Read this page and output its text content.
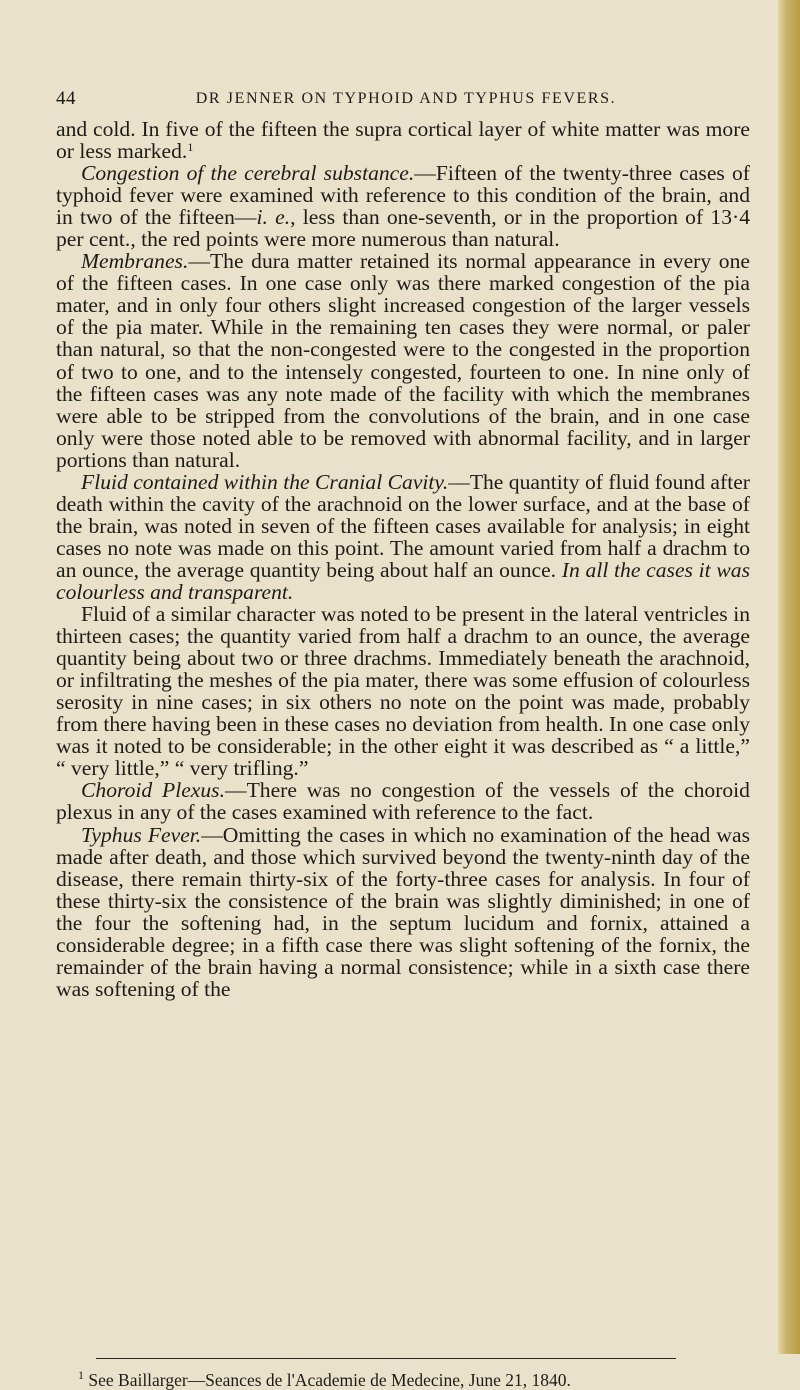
44	DR JENNER ON TYPHOID AND TYPHUS FEVERS.

and cold. In five of the fifteen the supra cortical layer of white matter was more or less marked.$^1$

Congestion of the cerebral substance.—Fifteen of the twenty-three cases of typhoid fever were examined with reference to this condition of the brain, and in two of the fifteen—i. e., less than one-seventh, or in the proportion of 13·4 per cent., the red points were more numerous than natural.

Membranes.—The dura matter retained its normal appearance in every one of the fifteen cases. In one case only was there marked congestion of the pia mater, and in only four others slight increased congestion of the larger vessels of the pia mater. While in the remaining ten cases they were normal, or paler than natural, so that the non-congested were to the congested in the proportion of two to one, and to the intensely congested, fourteen to one. In nine only of the fifteen cases was any note made of the facility with which the membranes were able to be stripped from the convolutions of the brain, and in one case only were those noted able to be removed with abnormal facility, and in larger portions than natural.

Fluid contained within the Cranial Cavity.—The quantity of fluid found after death within the cavity of the arachnoid on the lower surface, and at the base of the brain, was noted in seven of the fifteen cases available for analysis; in eight cases no note was made on this point. The amount varied from half a drachm to an ounce, the average quantity being about half an ounce. In all the cases it was colourless and transparent.

Fluid of a similar character was noted to be present in the lateral ventricles in thirteen cases; the quantity varied from half a drachm to an ounce, the average quantity being about two or three drachms. Immediately beneath the arachnoid, or infiltrating the meshes of the pia mater, there was some effusion of colourless serosity in nine cases; in six others no note on the point was made, probably from there having been in these cases no deviation from health. In one case only was it noted to be considerable; in the other eight it was described as “ a little,” “ very little,” “ very trifling.”

Choroid Plexus.—There was no congestion of the vessels of the choroid plexus in any of the cases examined with reference to the fact.

Typhus Fever.—Omitting the cases in which no examination of the head was made after death, and those which survived beyond the twenty-ninth day of the disease, there remain thirty-six of the forty-three cases for analysis. In four of these thirty-six the consistence of the brain was slightly diminished; in one of the four the softening had, in the septum lucidum and fornix, attained a considerable degree; in a fifth case there was slight softening of the fornix, the remainder of the brain having a normal consistence; while in a sixth case there was softening of the

$^1$ See Baillarger—Seances de l'Academie de Medecine, June 21, 1840.
